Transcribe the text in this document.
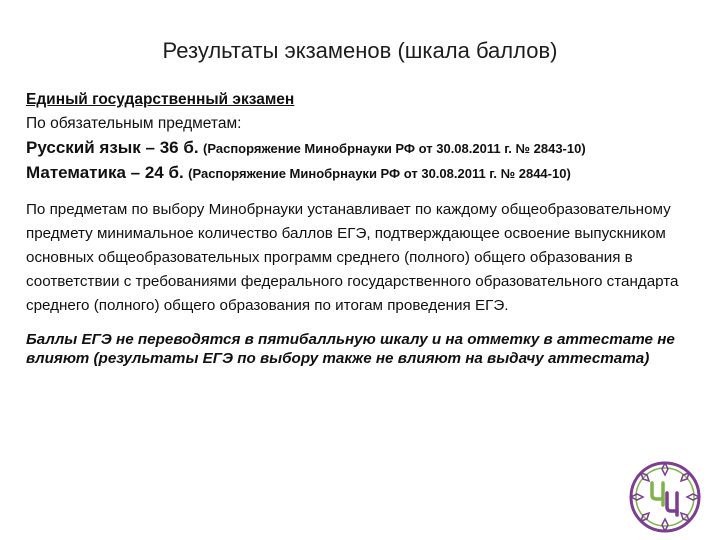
Результаты экзаменов (шкала баллов)

Единый государственный экзамен

По обязательным предметам:

Русский язык – 36 б. (Распоряжение Минобрнауки РФ от 30.08.2011 г. № 2843-10)

Математика – 24 б. (Распоряжение Минобрнауки РФ от 30.08.2011 г. № 2844-10)

По предметам по выбору Минобрнауки устанавливает по каждому общеобразовательному предмету минимальное количество баллов ЕГЭ, подтверждающее освоение выпускником основных общеобразовательных программ среднего (полного) общего образования в соответствии с требованиями федерального государственного образовательного стандарта среднего (полного) общего образования по итогам проведения ЕГЭ.

Баллы ЕГЭ не переводятся в пятибалльную шкалу и на отметку в аттестате не влияют (результаты ЕГЭ по выбору также не влияют на выдачу аттестата)
